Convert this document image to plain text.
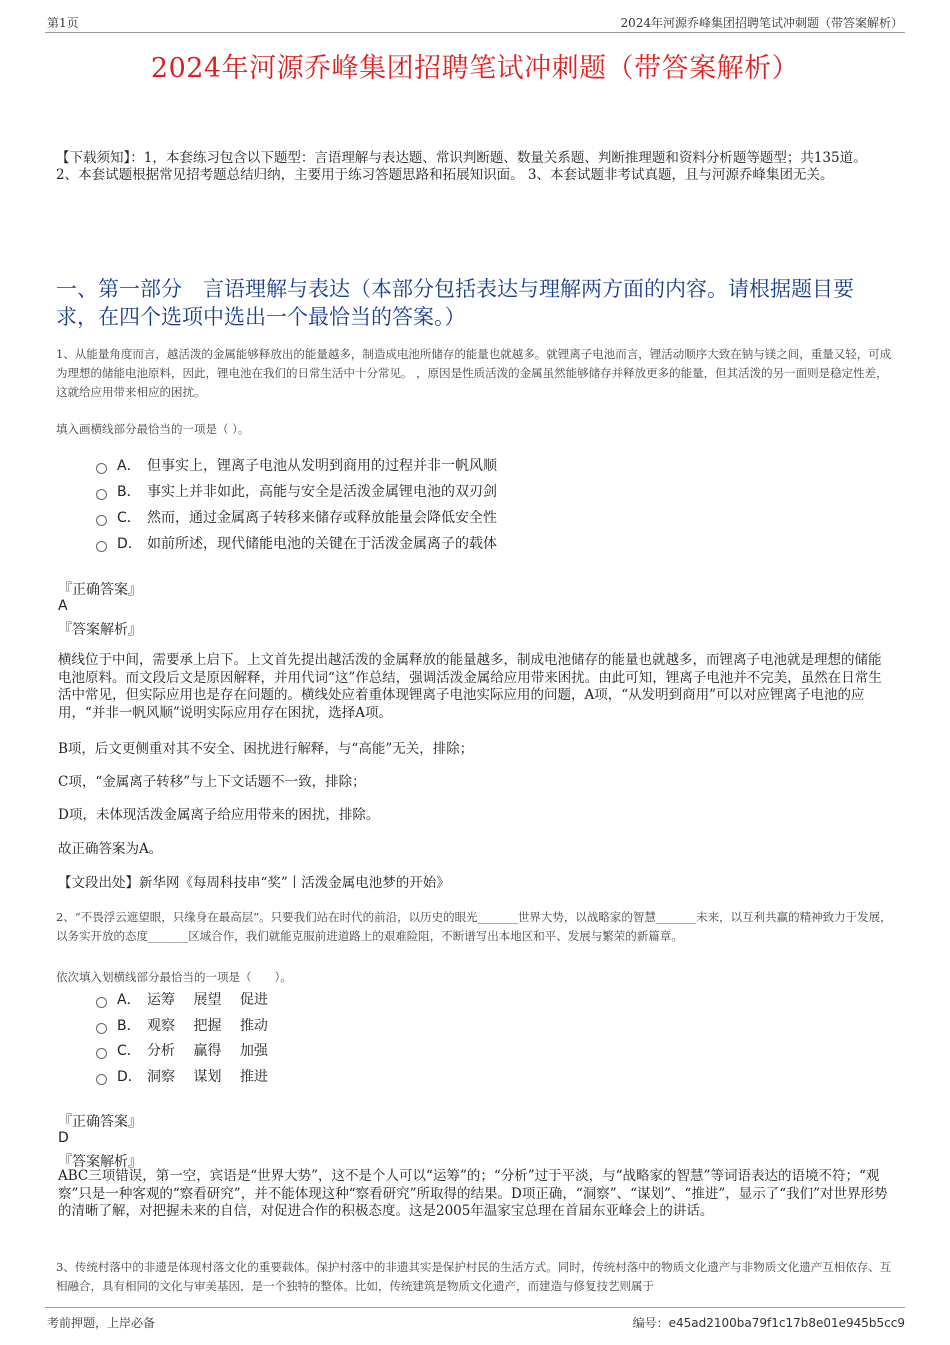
第1页	2024年河源乔峰集团招聘笔试冲刺题（带答案解析）
2024年河源乔峰集团招聘笔试冲刺题（带答案解析）
【下载须知】：1，本套练习包含以下题型：言语理解与表达题、常识判断题、数量关系题、判断推理题和资料分析题等题型；共135道。 2、本套试题根据常见招考题总结归纳，主要用于练习答题思路和拓展知识面。 3、本套试题非考试真题，且与河源乔峰集团无关。
一、第一部分　言语理解与表达（本部分包括表达与理解两方面的内容。请根据题目要求，在四个选项中选出一个最恰当的答案。）
1、从能量角度而言，越活泼的金属能够释放出的能量越多，制造成电池所储存的能量也就越多。就锂离子电池而言，锂活动顺序大致在钠与镁之间，重量又轻，可成为理想的储能电池原料，因此，锂电池在我们的日常生活中十分常见。 ，原因是性质活泼的金属虽然能够储存并释放更多的能量，但其活泼的另一面则是稳定性差，这就给应用带来相应的困扰。
填入画横线部分最恰当的一项是（ ）。
A． 但事实上，锂离子电池从发明到商用的过程并非一帆风顺
B． 事实上并非如此，高能与安全是活泼金属锂电池的双刃剑
C． 然而，通过金属离子转移来储存或释放能量会降低安全性
D． 如前所述，现代储能电池的关键在于活泼金属离子的载体
『正确答案』
A
『答案解析』
横线位于中间，需要承上启下。上文首先提出越活泼的金属释放的能量越多，制成电池储存的能量也就越多，而锂离子电池就是理想的储能电池原料。而文段后文是原因解释，并用代词“这”作总结，强调活泼金属给应用带来困扰。由此可知，锂离子电池并不完美，虽然在日常生活中常见，但实际应用也是存在问题的。横线处应着重体现锂离子电池实际应用的问题，A项，“从发明到商用”可以对应锂离子电池的应用，“并非一帆风顺”说明实际应用存在困扰，选择A项。
B项，后文更侧重对其不安全、困扰进行解释，与“高能”无关，排除；
C项，“金属离子转移”与上下文话题不一致，排除；
D项，未体现活泼金属离子给应用带来的困扰，排除。
故正确答案为A。
【文段出处】新华网《每周科技串“奖”丨活泼金属电池梦的开始》
2、“不畏浮云遮望眼，只缘身在最高层”。只要我们站在时代的前沿，以历史的眼光_______世界大势，以战略家的智慧_______未来，以互利共赢的精神致力于发展，以务实开放的态度_______区域合作，我们就能克服前进道路上的艰难险阻，不断谱写出本地区和平、发展与繁荣的新篇章。
依次填入划横线部分最恰当的一项是（　　）。
A． 运筹　 展望　 促进
B． 观察　 把握　 推动
C． 分析　 赢得　 加强
D． 洞察　 谋划　 推进
『正确答案』
D
『答案解析』
ABC三项错误，第一空，宾语是“世界大势”，这不是个人可以“运筹”的；“分析”过于平淡，与“战略家的智慧”等词语表达的语境不符；“观察”只是一种客观的“察看研究”，并不能体现这种“察看研究”所取得的结果。D项正确，“洞察”、“谋划”、“推进”，显示了“我们”对世界形势的清晰了解，对把握未来的自信，对促进合作的积极态度。这是2005年温家宝总理在首届东亚峰会上的讲话。
3、传统村落中的非遗是体现村落文化的重要载体。保护村落中的非遗其实是保护村民的生活方式。同时，传统村落中的物质文化遗产与非物质文化遗产互相依存、互相融合，具有相同的文化与审美基因，是一个独特的整体。比如，传统建筑是物质文化遗产，而建造与修复技艺则属于
考前押题，上岸必备	编号：e45ad2100ba79f1c17b8e01e945b5cc9
